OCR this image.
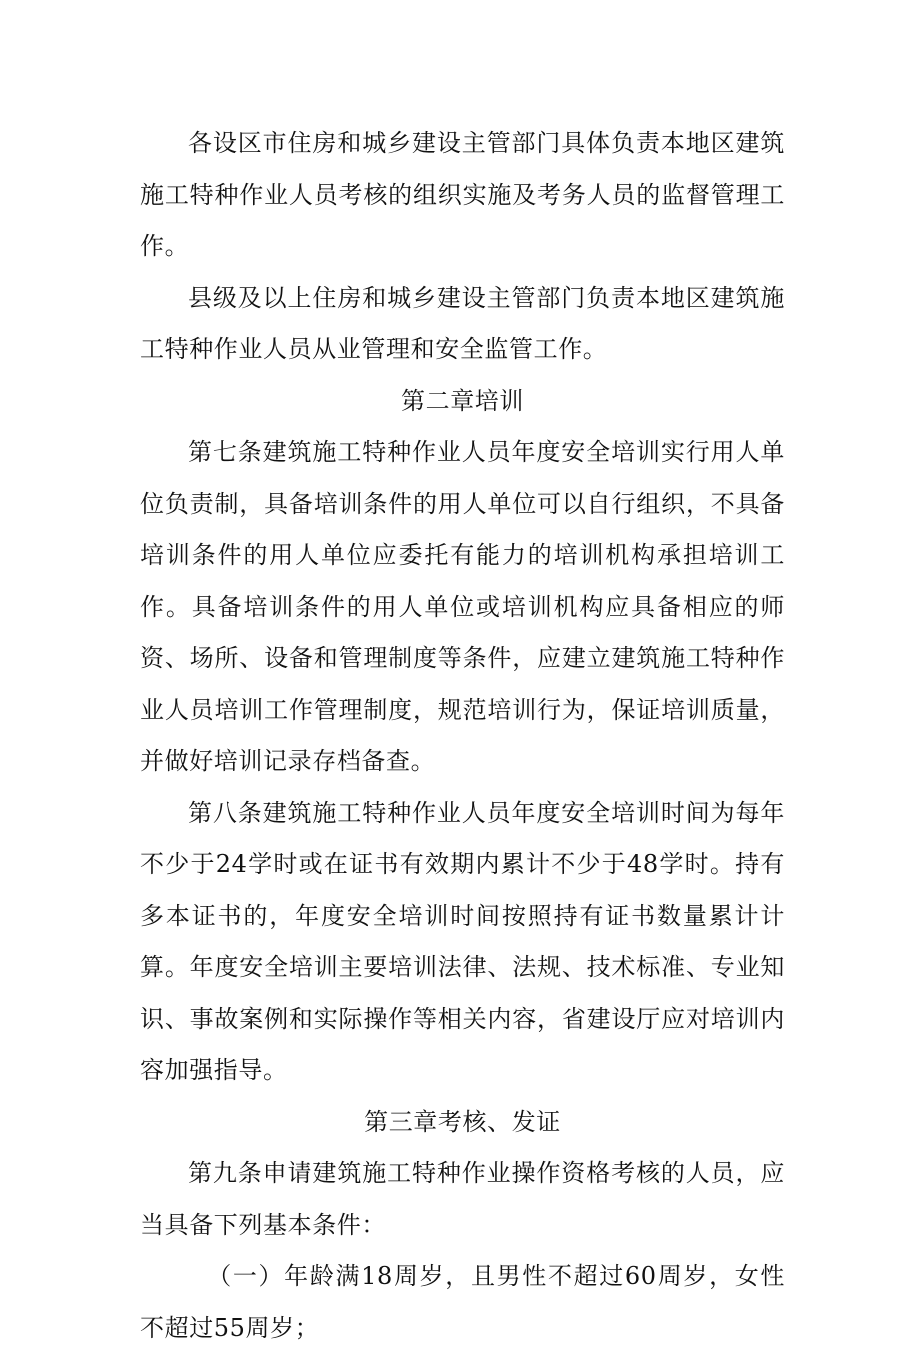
各设区市住房和城乡建设主管部门具体负责本地区建筑施工特种作业人员考核的组织实施及考务人员的监督管理工作。

县级及以上住房和城乡建设主管部门负责本地区建筑施工特种作业人员从业管理和安全监管工作。

第二章培训

第七条建筑施工特种作业人员年度安全培训实行用人单位负责制，具备培训条件的用人单位可以自行组织，不具备培训条件的用人单位应委托有能力的培训机构承担培训工作。具备培训条件的用人单位或培训机构应具备相应的师资、场所、设备和管理制度等条件，应建立建筑施工特种作业人员培训工作管理制度，规范培训行为，保证培训质量，并做好培训记录存档备查。

第八条建筑施工特种作业人员年度安全培训时间为每年不少于24学时或在证书有效期内累计不少于48学时。持有多本证书的，年度安全培训时间按照持有证书数量累计计算。年度安全培训主要培训法律、法规、技术标准、专业知识、事故案例和实际操作等相关内容，省建设厅应对培训内容加强指导。

第三章考核、发证

第九条申请建筑施工特种作业操作资格考核的人员，应当具备下列基本条件：

（一）年龄满18周岁，且男性不超过60周岁，女性不超过55周岁；
